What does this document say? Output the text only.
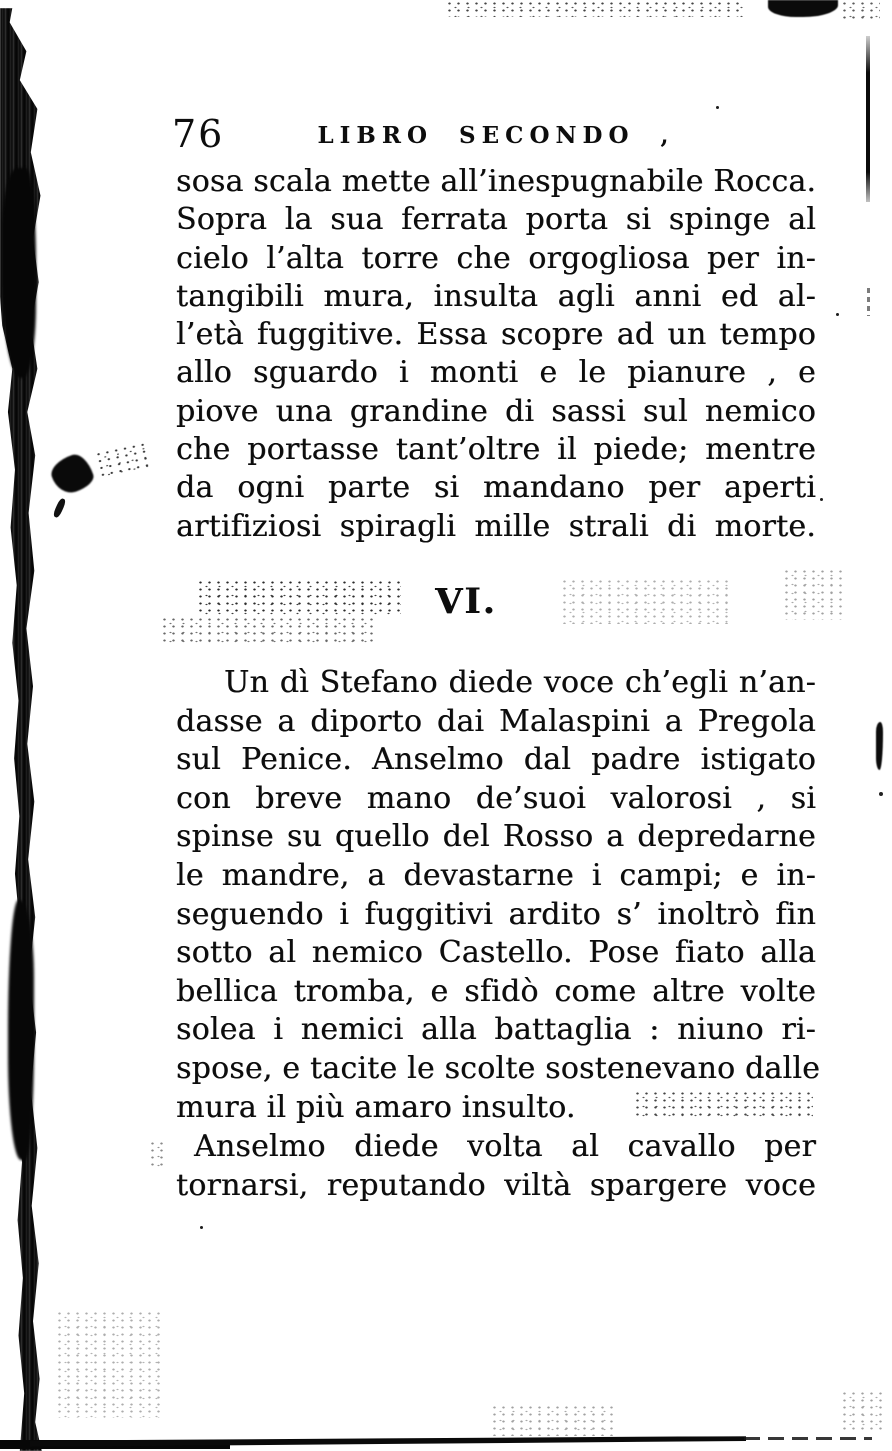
76	LIBRO SECONDO ,
sosa scala mette all’inespugnabile Rocca.
Sopra la sua ferrata porta si spinge al
cielo l’alta torre che orgogliosa per in-
tangibili mura, insulta agli anni ed al-
l’età fuggitive. Essa scopre ad un tempo
allo sguardo i monti e le pianure , e
piove una grandine di sassi sul nemico
che portasse tant’oltre il piede; mentre
da ogni parte si mandano per aperti
artifiziosi spiragli mille strali di morte.
VI.
Un dì Stefano diede voce ch’egli n’an-
dasse a diporto dai Malaspini a Pregola
sul Penice. Anselmo dal padre istigato
con breve mano de’suoi valorosi , si
spinse su quello del Rosso a depredarne
le mandre, a devastarne i campi; e in-
seguendo i fuggitivi ardito s’ inoltrò fin
sotto al nemico Castello. Pose fiato alla
bellica tromba, e sfidò come altre volte
solea i nemici alla battaglia : niuno ri-
spose, e tacite le scolte sostenevano dalle
mura il più amaro insulto.
Anselmo diede volta al cavallo per
tornarsi, reputando viltà spargere voce
